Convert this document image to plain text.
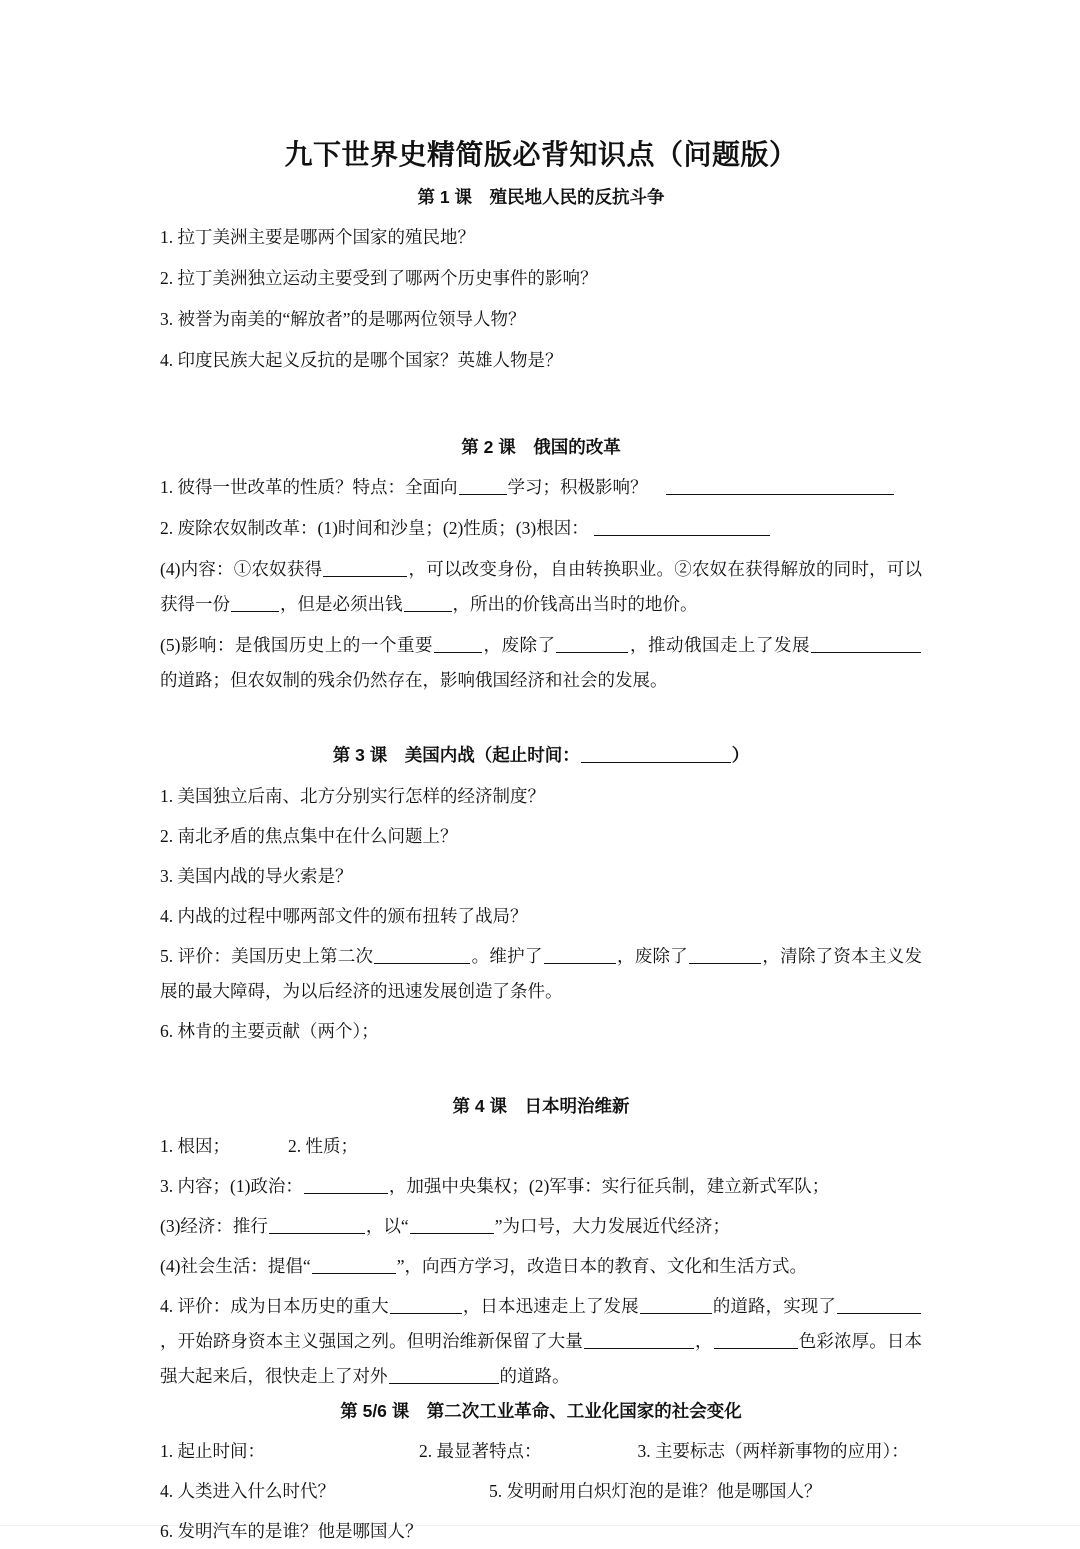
九下世界史精简版必背知识点（问题版）
第 1 课　殖民地人民的反抗斗争

1. 拉丁美洲主要是哪两个国家的殖民地？

2. 拉丁美洲独立运动主要受到了哪两个历史事件的影响？

3. 被誉为南美的“解放者”的是哪两位领导人物？

4. 印度民族大起义反抗的是哪个国家？英雄人物是？

第 2 课　俄国的改革

1. 彼得一世改革的性质？特点：全面向	学习；积极影响？　

2. 废除农奴制改革：(1)时间和沙皇；(2)性质；(3)根因：

(4)内容：①农奴获得	，可以改变身份，自由转换职业。②农奴在获得解放的同时，可以获得一份	，但是必须出钱	，所出的价钱高出当时的地价。

(5)影响：是俄国历史上的一个重要	，废除了	，推动俄国走上了发展的道路；但农奴制的残余仍然存在，影响俄国经济和社会的发展。

第 3 课　美国内战（起止时间：	）

1. 美国独立后南、北方分别实行怎样的经济制度？

2. 南北矛盾的焦点集中在什么问题上？

3. 美国内战的导火索是？

4. 内战的过程中哪两部文件的颁布扭转了战局？

5. 评价：美国历史上第二次	。维护了	，废除了	，清除了资本主义发展的最大障碍，为以后经济的迅速发展创造了条件。

6. 林肯的主要贡献（两个）；

第 4 课　日本明治维新

1. 根因；	2. 性质；

3. 内容；(1)政治：	，加强中央集权；(2)军事：实行征兵制，建立新式军队；

(3)经济：推行	，以“	”为口号，大力发展近代经济；

(4)社会生活：提倡“	”，向西方学习，改造日本的教育、文化和生活方式。

4. 评价：成为日本历史的重大	，日本迅速走上了发展	的道路，实现了，开始跻身资本主义强国之列。但明治维新保留了大量	，	色彩浓厚。日本强大起来后，很快走上了对外	的道路。

第 5/6 课　第二次工业革命、工业化国家的社会变化

1. 起止时间：	2. 最显著特点：	3. 主要标志（两样新事物的应用）：

4. 人类进入什么时代？	5. 发明耐用白炽灯泡的是谁？他是哪国人？

6. 发明汽车的是谁？他是哪国人？
